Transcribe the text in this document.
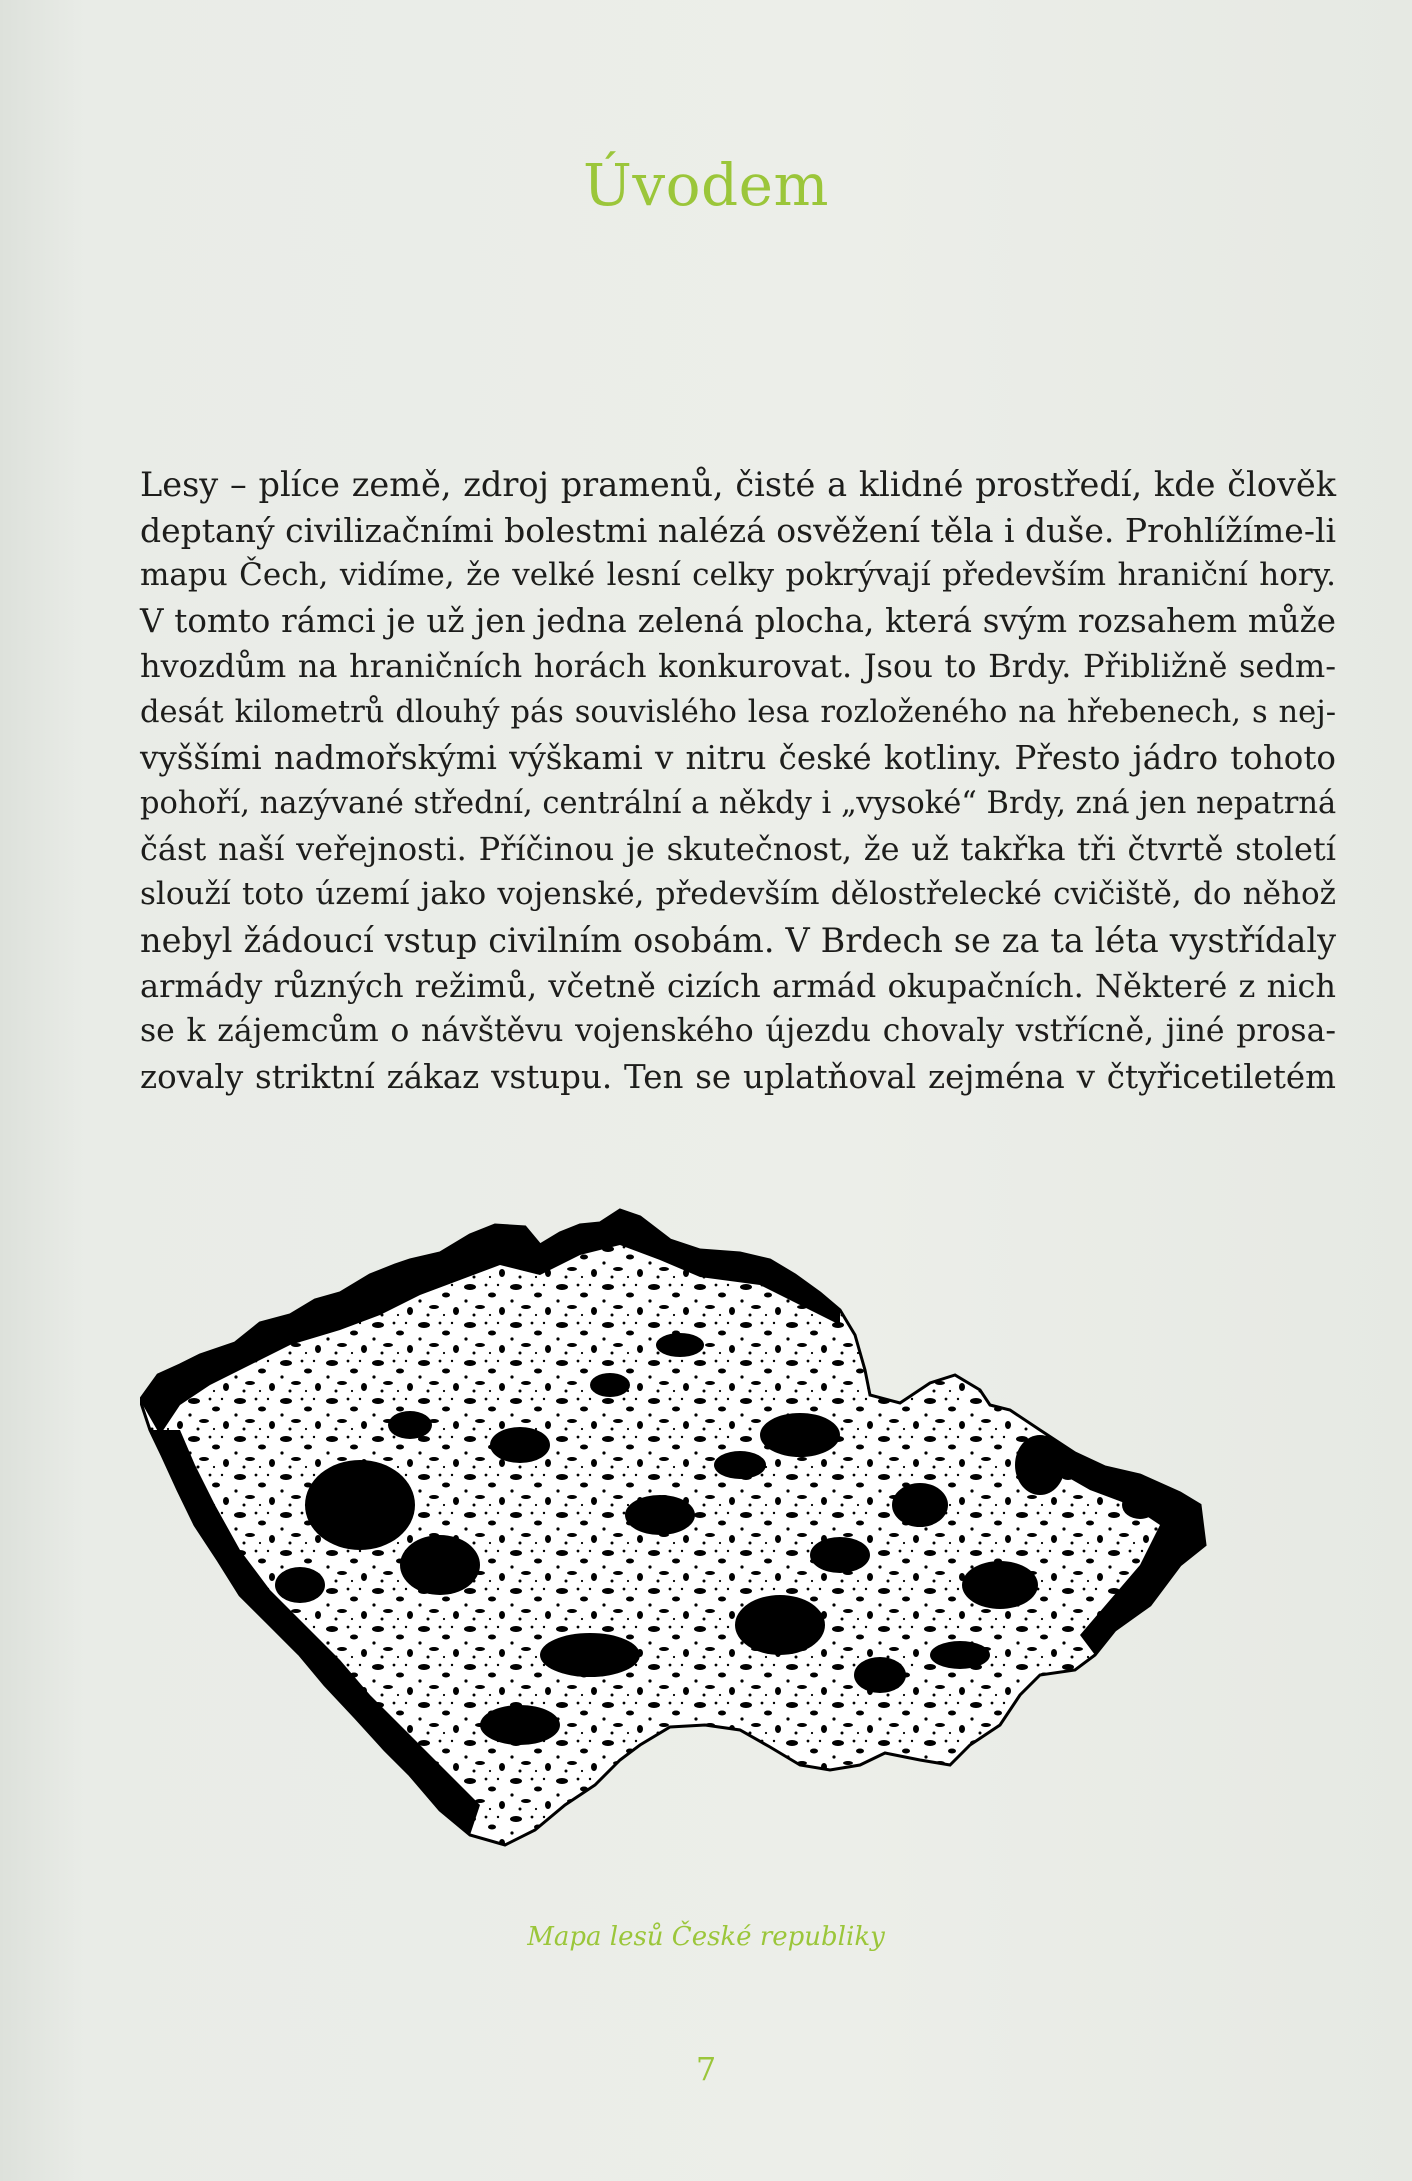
Úvodem
Lesy – plíce země, zdroj pramenů, čisté a klidné prostředí, kde člověk
deptaný civilizačními bolestmi nalézá osvěžení těla i duše. Prohlížíme-li
mapu Čech, vidíme, že velké lesní celky pokrývají především hraniční hory.
V tomto rámci je už jen jedna zelená plocha, která svým rozsahem může
hvozdům na hraničních horách konkurovat. Jsou to Brdy. Přibližně sedm-
desát kilometrů dlouhý pás souvislého lesa rozloženého na hřebenech, s nej-
vyššími nadmořskými výškami v nitru české kotliny. Přesto jádro tohoto
pohoří, nazývané střední, centrální a někdy i „vysoké“ Brdy, zná jen nepatrná
část naší veřejnosti. Příčinou je skutečnost, že už takřka tři čtvrtě století
slouží toto území jako vojenské, především dělostřelecké cvičiště, do něhož
nebyl žádoucí vstup civilním osobám. V Brdech se za ta léta vystřídaly
armády různých režimů, včetně cizích armád okupačních. Některé z nich
se k zájemcům o návštěvu vojenského újezdu chovaly vstřícně, jiné prosa-
zovaly striktní zákaz vstupu. Ten se uplatňoval zejména v čtyřicetiletém
Mapa lesů České republiky
7
